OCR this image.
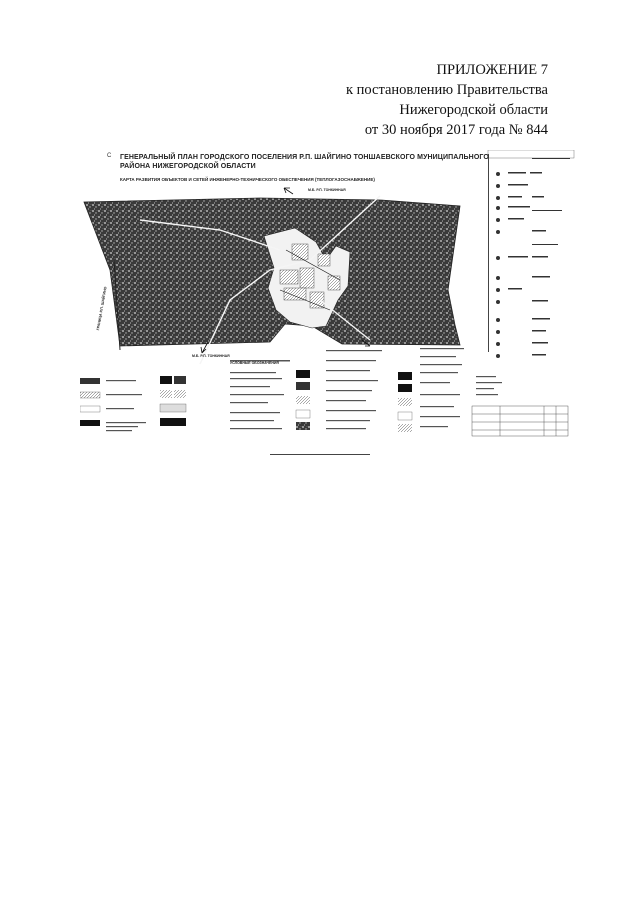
ПРИЛОЖЕНИЕ 7
к постановлению Правительства
Нижегородской области
от 30 ноября 2017 года № 844
С ГЕНЕРАЛЬНЫЙ ПЛАН ГОРОДСКОГО ПОСЕЛЕНИЯ Р.П. ШАЙГИНО ТОНШАЕВСКОГО МУНИЦИПАЛЬНОГО РАЙОНА НИЖЕГОРОДСКОЙ ОБЛАСТИ
КАРТА РАЗВИТИЯ ОБЪЕКТОВ И СЕТЕЙ ИНЖЕНЕРНО-ТЕХНИЧЕСКОГО ОБЕСПЕЧЕНИЯ (ТЕПЛОГАЗОСНАБЖЕНИЕ)
М.Б. Р.П. ТОНКИННАЯ
М.Б. Р.П. ТОНКИННАЯ
УСЛОВНЫЕ ОБОЗНАЧЕНИЯ
ГРАНИЦА Р.П. ШАЙГИНО
